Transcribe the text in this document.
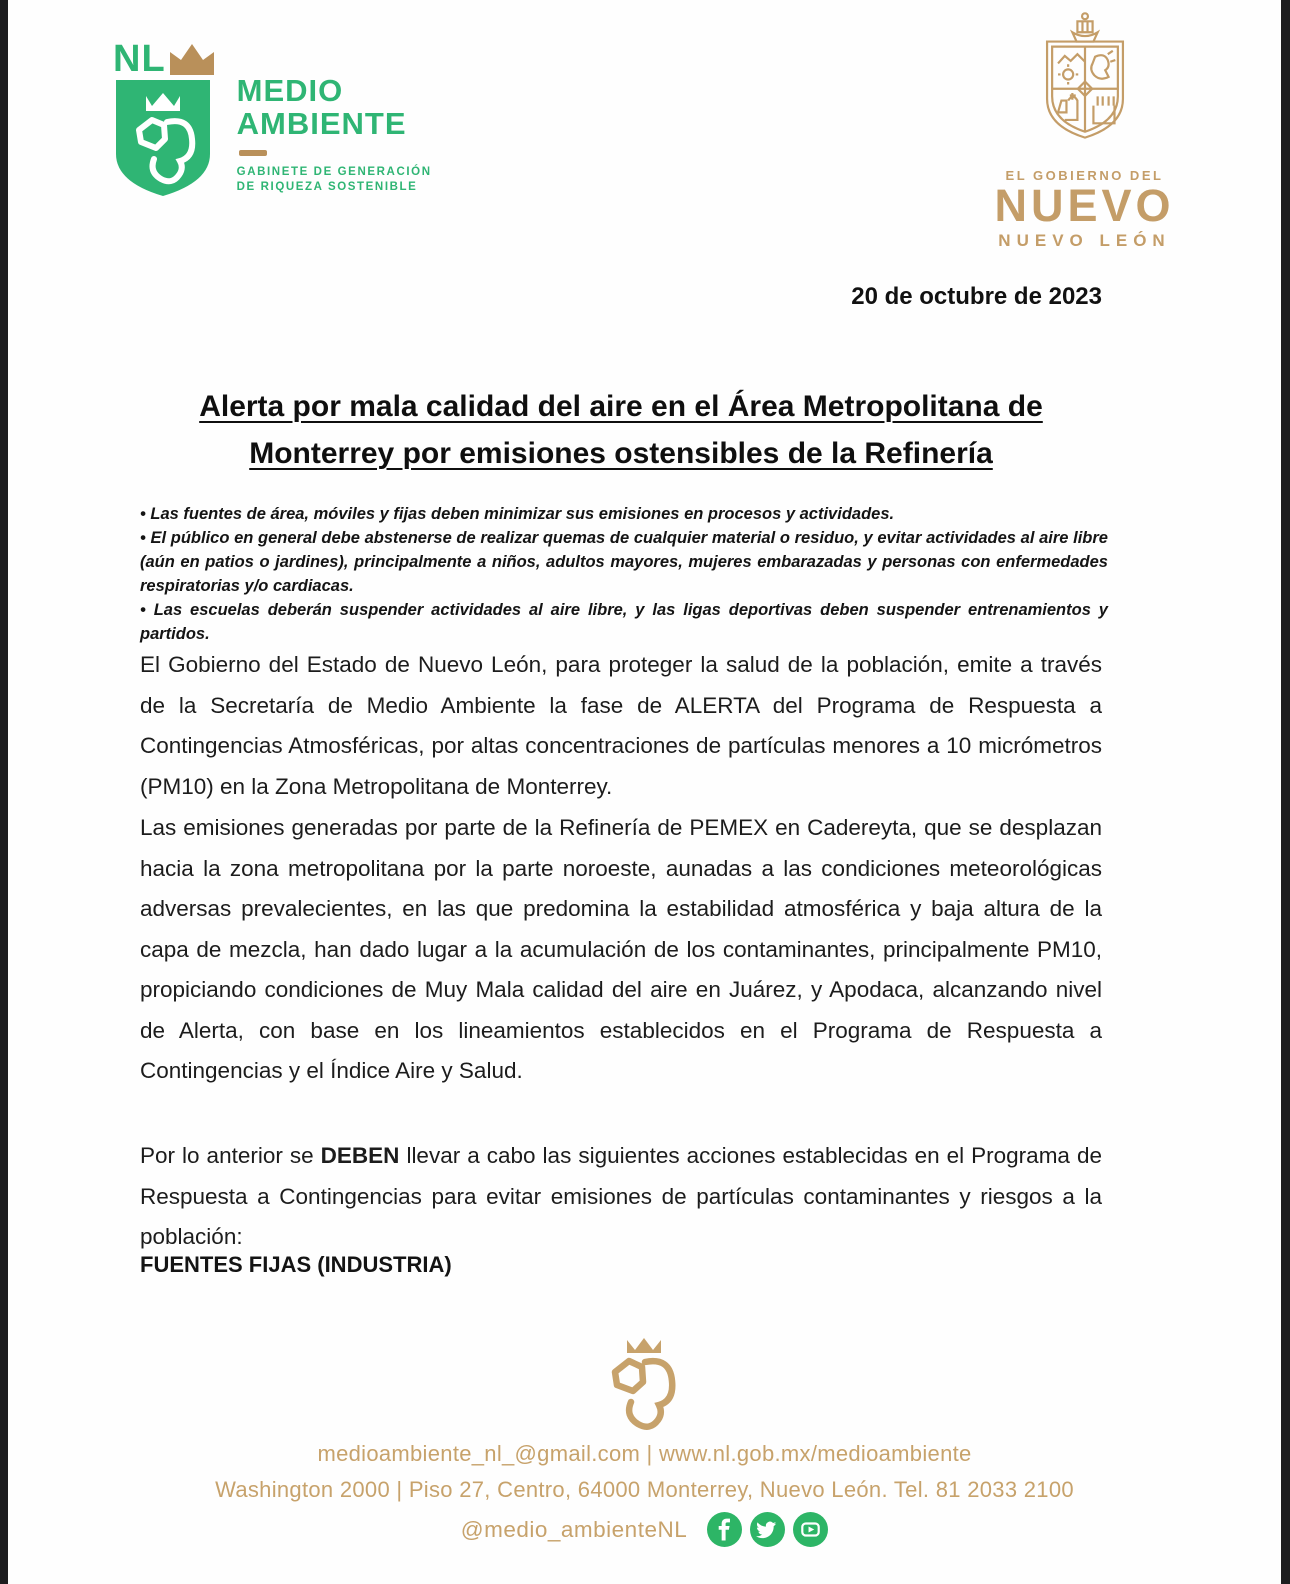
NL
MEDIO
AMBIENTE
GABINETE DE GENERACIÓN
DE RIQUEZA SOSTENIBLE
EL GOBIERNO DEL
NUEVO
NUEVO LEÓN
20 de octubre de 2023
Alerta por mala calidad del aire en el Área Metropolitana de Monterrey por emisiones ostensibles de la Refinería

• Las fuentes de área, móviles y fijas deben minimizar sus emisiones en procesos y actividades.

• El público en general debe abstenerse de realizar quemas de cualquier material o residuo, y evitar actividades al aire libre (aún en patios o jardines), principalmente a niños, adultos mayores, mujeres embarazadas y personas con enfermedades respiratorias y/o cardiacas.

• Las escuelas deberán suspender actividades al aire libre, y las ligas deportivas deben suspender entrenamientos y partidos.

El Gobierno del Estado de Nuevo León, para proteger la salud de la población, emite a través de la Secretaría de Medio Ambiente la fase de ALERTA del Programa de Respuesta a Contingencias Atmosféricas, por altas concentraciones de partículas menores a 10 micrómetros (PM10) en la Zona Metropolitana de Monterrey.

Las emisiones generadas por parte de la Refinería de PEMEX en Cadereyta, que se desplazan hacia la zona metropolitana por la parte noroeste, aunadas a las condiciones meteorológicas adversas prevalecientes, en las que predomina la estabilidad atmosférica y baja altura de la capa de mezcla, han dado lugar a la acumulación de los contaminantes, principalmente PM10, propiciando condiciones de Muy Mala calidad del aire en Juárez, y Apodaca, alcanzando nivel de Alerta, con base en los lineamientos establecidos en el Programa de Respuesta a Contingencias y el Índice Aire y Salud.

Por lo anterior se DEBEN llevar a cabo las siguientes acciones establecidas en el Programa de Respuesta a Contingencias para evitar emisiones de partículas contaminantes y riesgos a la población:

FUENTES FIJAS (INDUSTRIA)
medioambiente_nl_@gmail.com | www.nl.gob.mx/medioambiente
Washington 2000 | Piso 27, Centro, 64000 Monterrey, Nuevo León. Tel. 81 2033 2100
@medio_ambienteNL
